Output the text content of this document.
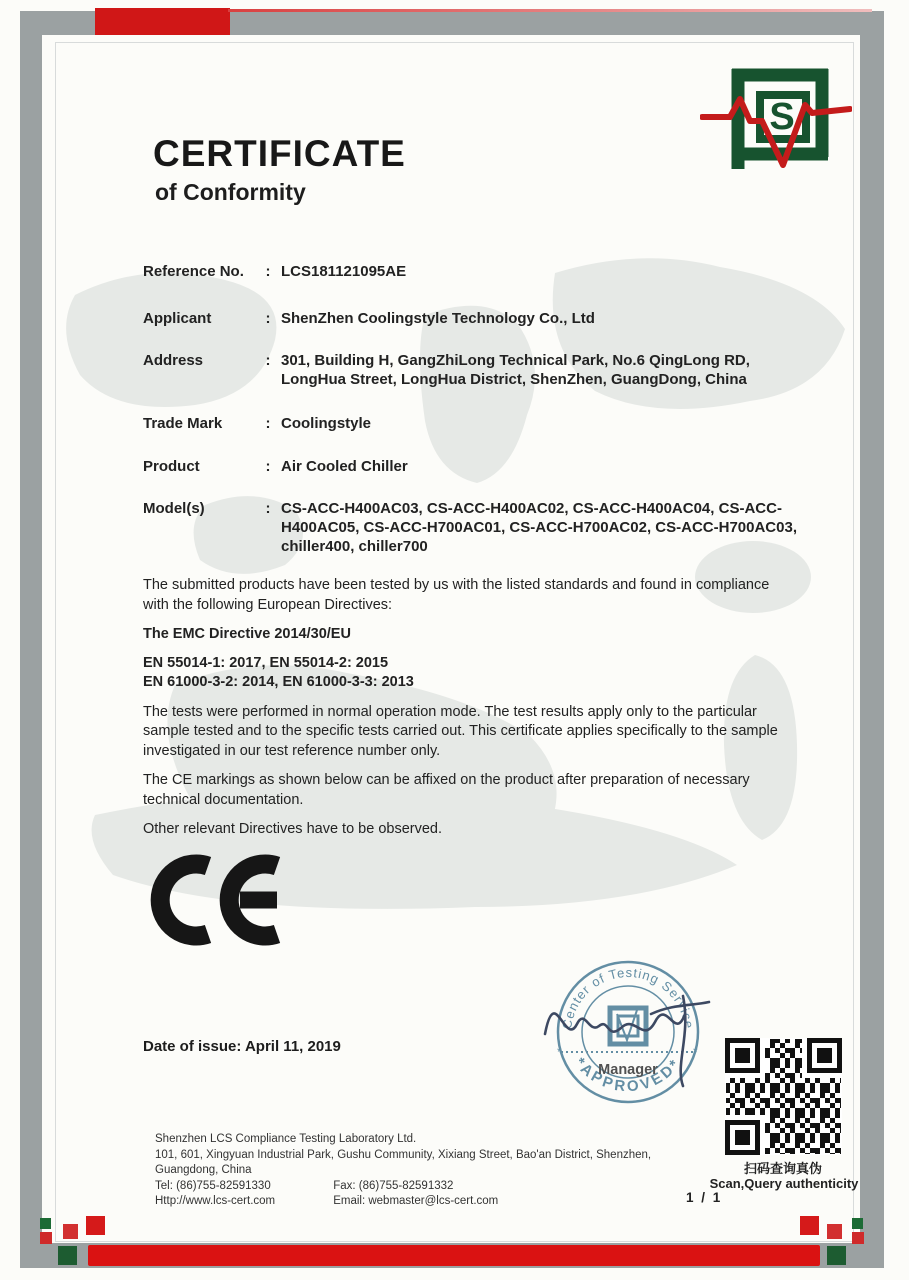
S
CERTIFICATE
of Conformity
Reference No.	: LCS181121095AE
Applicant	: ShenZhen Coolingstyle Technology Co., Ltd
Address	: 301, Building H, GangZhiLong Technical Park, No.6 QingLong RD, LongHua Street, LongHua District, ShenZhen, GuangDong, China
Trade Mark	: Coolingstyle
Product	: Air Cooled Chiller
Model(s)	: CS-ACC-H400AC03, CS-ACC-H400AC02, CS-ACC-H400AC04, CS-ACC-H400AC05, CS-ACC-H700AC01, CS-ACC-H700AC02, CS-ACC-H700AC03, chiller400, chiller700

The submitted products have been tested by us with the listed standards and found in compliance with the following European Directives:

The EMC Directive 2014/30/EU

EN 55014-1: 2017, EN 55014-2: 2015
EN 61000-3-2: 2014, EN 61000-3-3: 2013

The tests were performed in normal operation mode. The test results apply only to the particular sample tested and to the specific tests carried out. This certificate applies specifically to the sample investigated in our test reference number only.

The CE markings as shown below can be affixed on the product after preparation of necessary technical documentation.

Other relevant Directives have to be observed.

Date of issue: April 11, 2019
Center of Testing Service
*APPROVED*
*	*
Manager
扫码查询真伪
Scan,Query authenticity
Shenzhen LCS Compliance Testing Laboratory Ltd.
101, 601, Xingyuan Industrial Park, Gushu Community, Xixiang Street, Bao'an District, Shenzhen,
Guangdong, China
Tel: (86)755-82591330	Fax: (86)755-82591332
Http://www.lcs-cert.com	Email: webmaster@lcs-cert.com	1 / 1
